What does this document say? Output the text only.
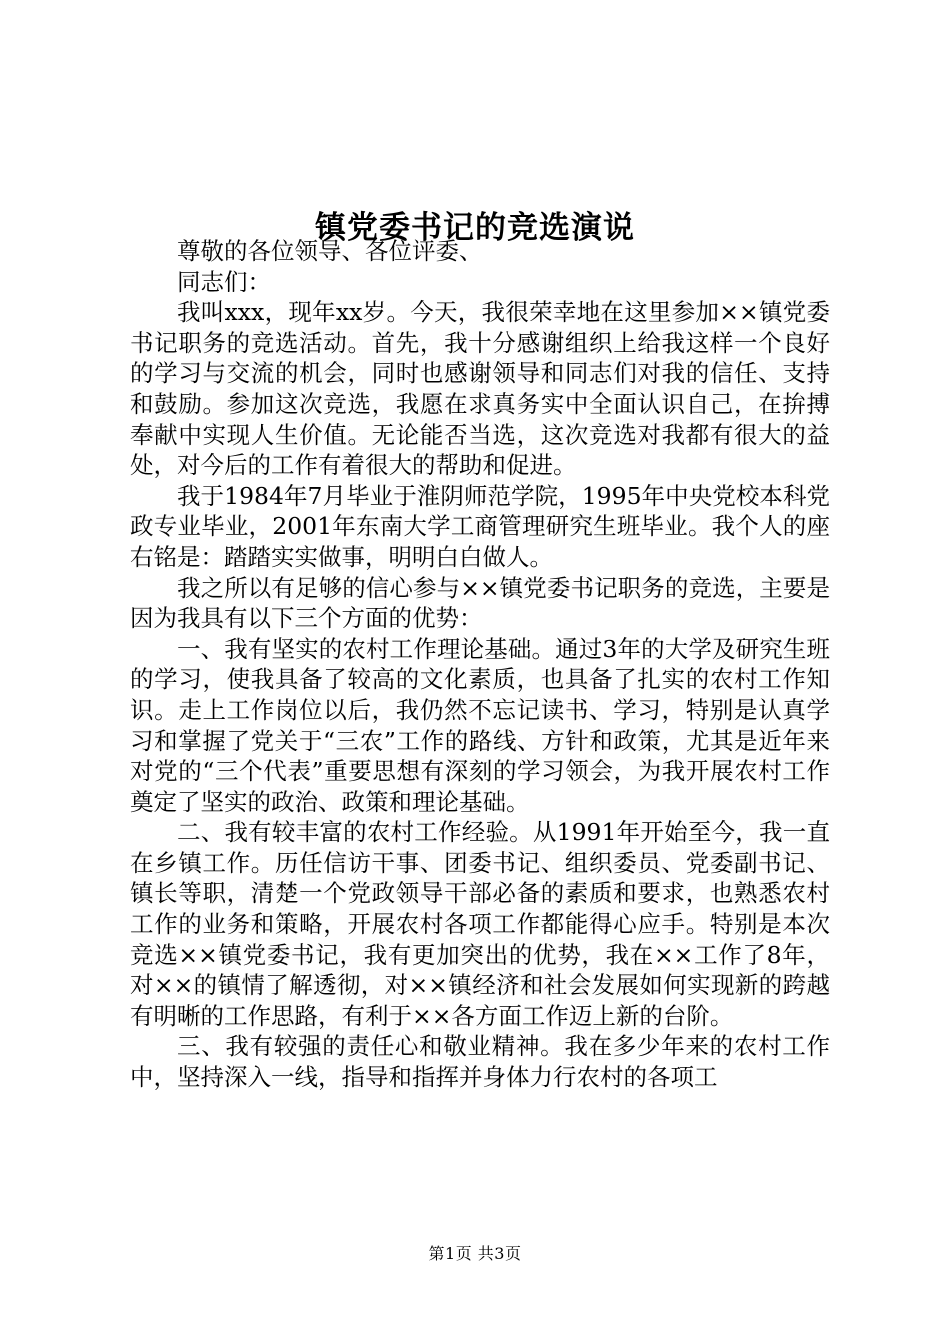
镇党委书记的竞选演说

尊敬的各位领导、各位评委、

同志们：

我叫xxx，现年xx岁。今天，我很荣幸地在这里参加××镇党委书记职务的竞选活动。首先，我十分感谢组织上给我这样一个良好的学习与交流的机会，同时也感谢领导和同志们对我的信任、支持和鼓励。参加这次竞选，我愿在求真务实中全面认识自己，在拚搏奉献中实现人生价值。无论能否当选，这次竞选对我都有很大的益处，对今后的工作有着很大的帮助和促进。

我于1984年7月毕业于淮阴师范学院，1995年中央党校本科党政专业毕业，2001年东南大学工商管理研究生班毕业。我个人的座右铭是：踏踏实实做事，明明白白做人。

我之所以有足够的信心参与××镇党委书记职务的竞选，主要是因为我具有以下三个方面的优势：

一、我有坚实的农村工作理论基础。通过3年的大学及研究生班的学习，使我具备了较高的文化素质，也具备了扎实的农村工作知识。走上工作岗位以后，我仍然不忘记读书、学习，特别是认真学习和掌握了党关于“三农”工作的路线、方针和政策，尤其是近年来对党的“三个代表”重要思想有深刻的学习领会，为我开展农村工作奠定了坚实的政治、政策和理论基础。

二、我有较丰富的农村工作经验。从1991年开始至今，我一直在乡镇工作。历任信访干事、团委书记、组织委员、党委副书记、镇长等职，清楚一个党政领导干部必备的素质和要求，也熟悉农村工作的业务和策略，开展农村各项工作都能得心应手。特别是本次竞选××镇党委书记，我有更加突出的优势，我在××工作了8年，对××的镇情了解透彻，对××镇经济和社会发展如何实现新的跨越有明晰的工作思路，有利于××各方面工作迈上新的台阶。

三、我有较强的责任心和敬业精神。我在多少年来的农村工作中，坚持深入一线，指导和指挥并身体力行农村的各项工

第1页 共3页
